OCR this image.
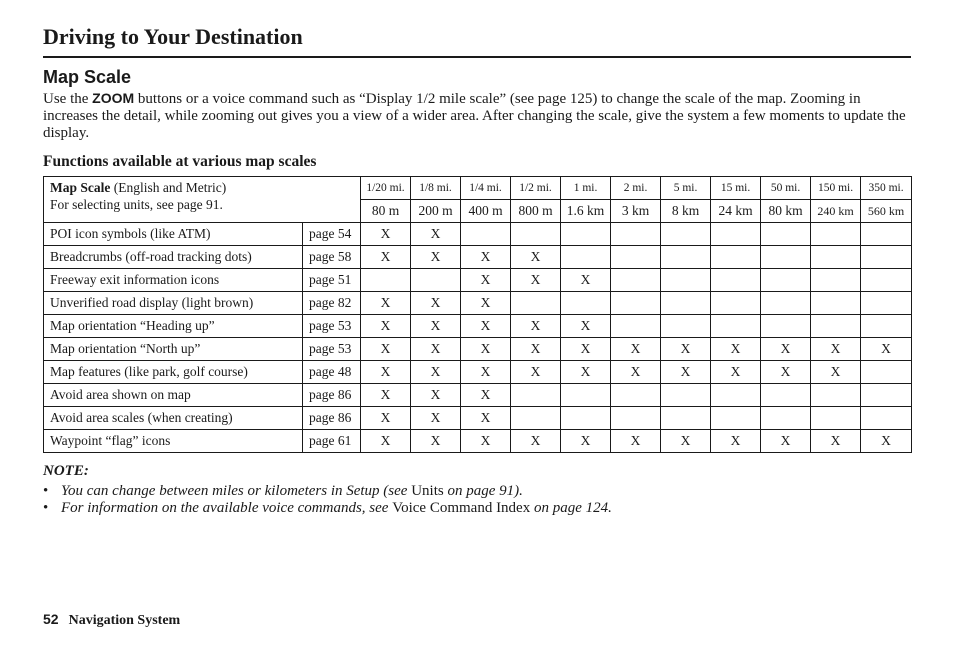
Driving to Your Destination
Map Scale
Use the ZOOM buttons or a voice command such as “Display 1/2 mile scale” (see page 125) to change the scale of the map. Zooming in increases the detail, while zooming out gives you a view of a wider area. After changing the scale, give the system a few moments to update the display.
Functions available at various map scales
Map Scale (English and Metric)
For selecting units, see page 91.		1/20 mi.	1/8 mi.	1/4 mi.	1/2 mi.	1 mi.	2 mi.	5 mi.	15 mi.	50 mi.	150 mi.	350 mi.
		80 m	200 m	400 m	800 m	1.6 km	3 km	8 km	24 km	80 km	240 km	560 km
POI icon symbols (like ATM)	page 54	X	X									
Breadcrumbs (off-road tracking dots)	page 58	X	X	X	X							
Freeway exit information icons	page 51			X	X	X						
Unverified road display (light brown)	page 82	X	X	X								
Map orientation “Heading up”	page 53	X	X	X	X	X						
Map orientation “North up”	page 53	X	X	X	X	X	X	X	X	X	X	X
Map features (like park, golf course)	page 48	X	X	X	X	X	X	X	X	X	X	
Avoid area shown on map	page 86	X	X	X								
Avoid area scales (when creating)	page 86	X	X	X								
Waypoint “flag” icons	page 61	X	X	X	X	X	X	X	X	X	X	X
NOTE:
• You can change between miles or kilometers in Setup (see Units on page 91).
• For information on the available voice commands, see Voice Command Index on page 124.
52 Navigation System
